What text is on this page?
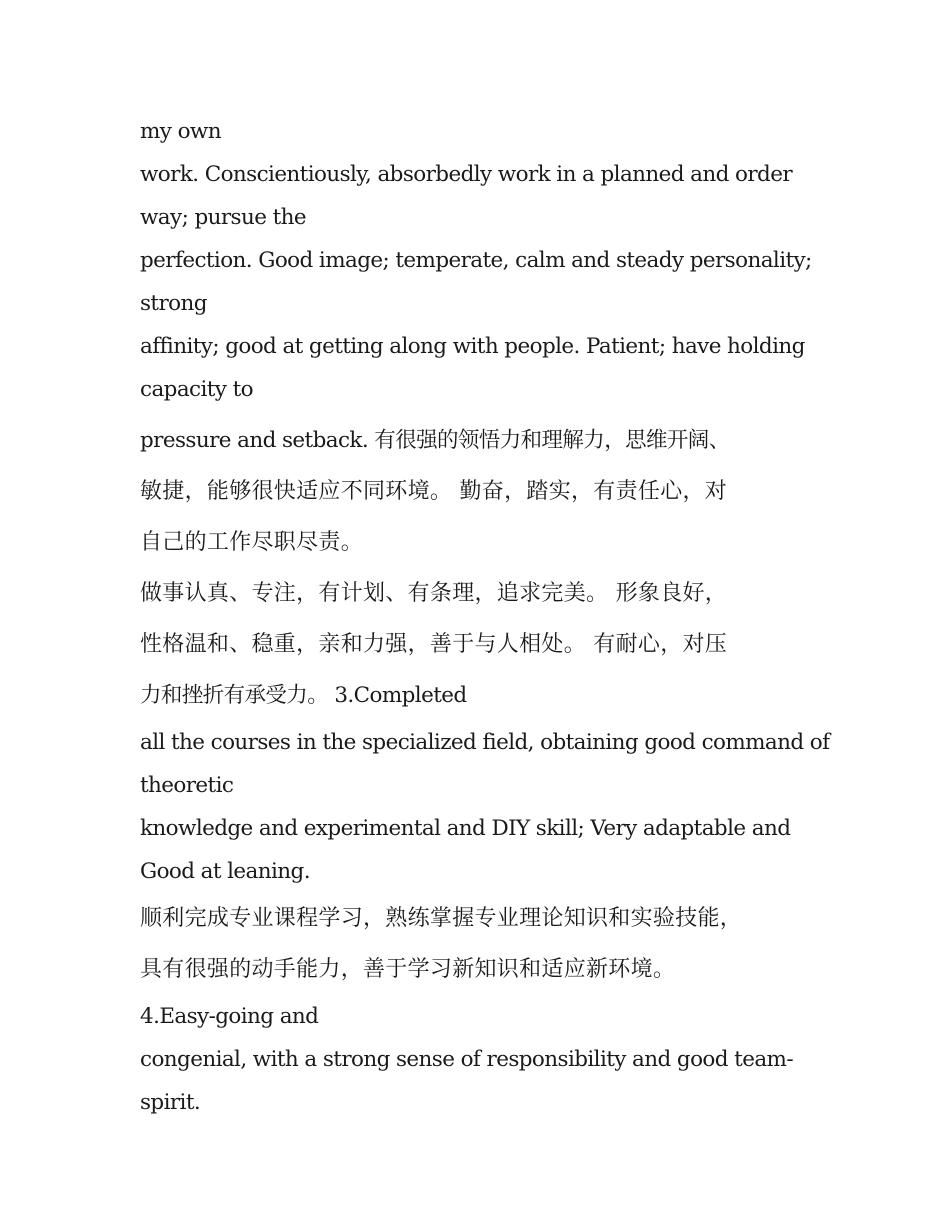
my own

work. Conscientiously, absorbedly work in a planned and order

way; pursue the

perfection. Good image; temperate, calm and steady personality;

strong

affinity; good at getting along with people. Patient; have holding

capacity to

pressure and setback. 有很强的领悟力和理解力，思维开阔、

敏捷，能够很快适应不同环境。 勤奋，踏实，有责任心，对

自己的工作尽职尽责。

做事认真、专注，有计划、有条理，追求完美。 形象良好，

性格温和、稳重，亲和力强，善于与人相处。 有耐心，对压

力和挫折有承受力。 3.Completed

all the courses in the specialized field, obtaining good command of

theoretic

knowledge and experimental and DIY skill; Very adaptable and

Good at leaning.

顺利完成专业课程学习，熟练掌握专业理论知识和实验技能，

具有很强的动手能力，善于学习新知识和适应新环境。

4.Easy-going and

congenial, with a strong sense of responsibility and good team-

spirit.
